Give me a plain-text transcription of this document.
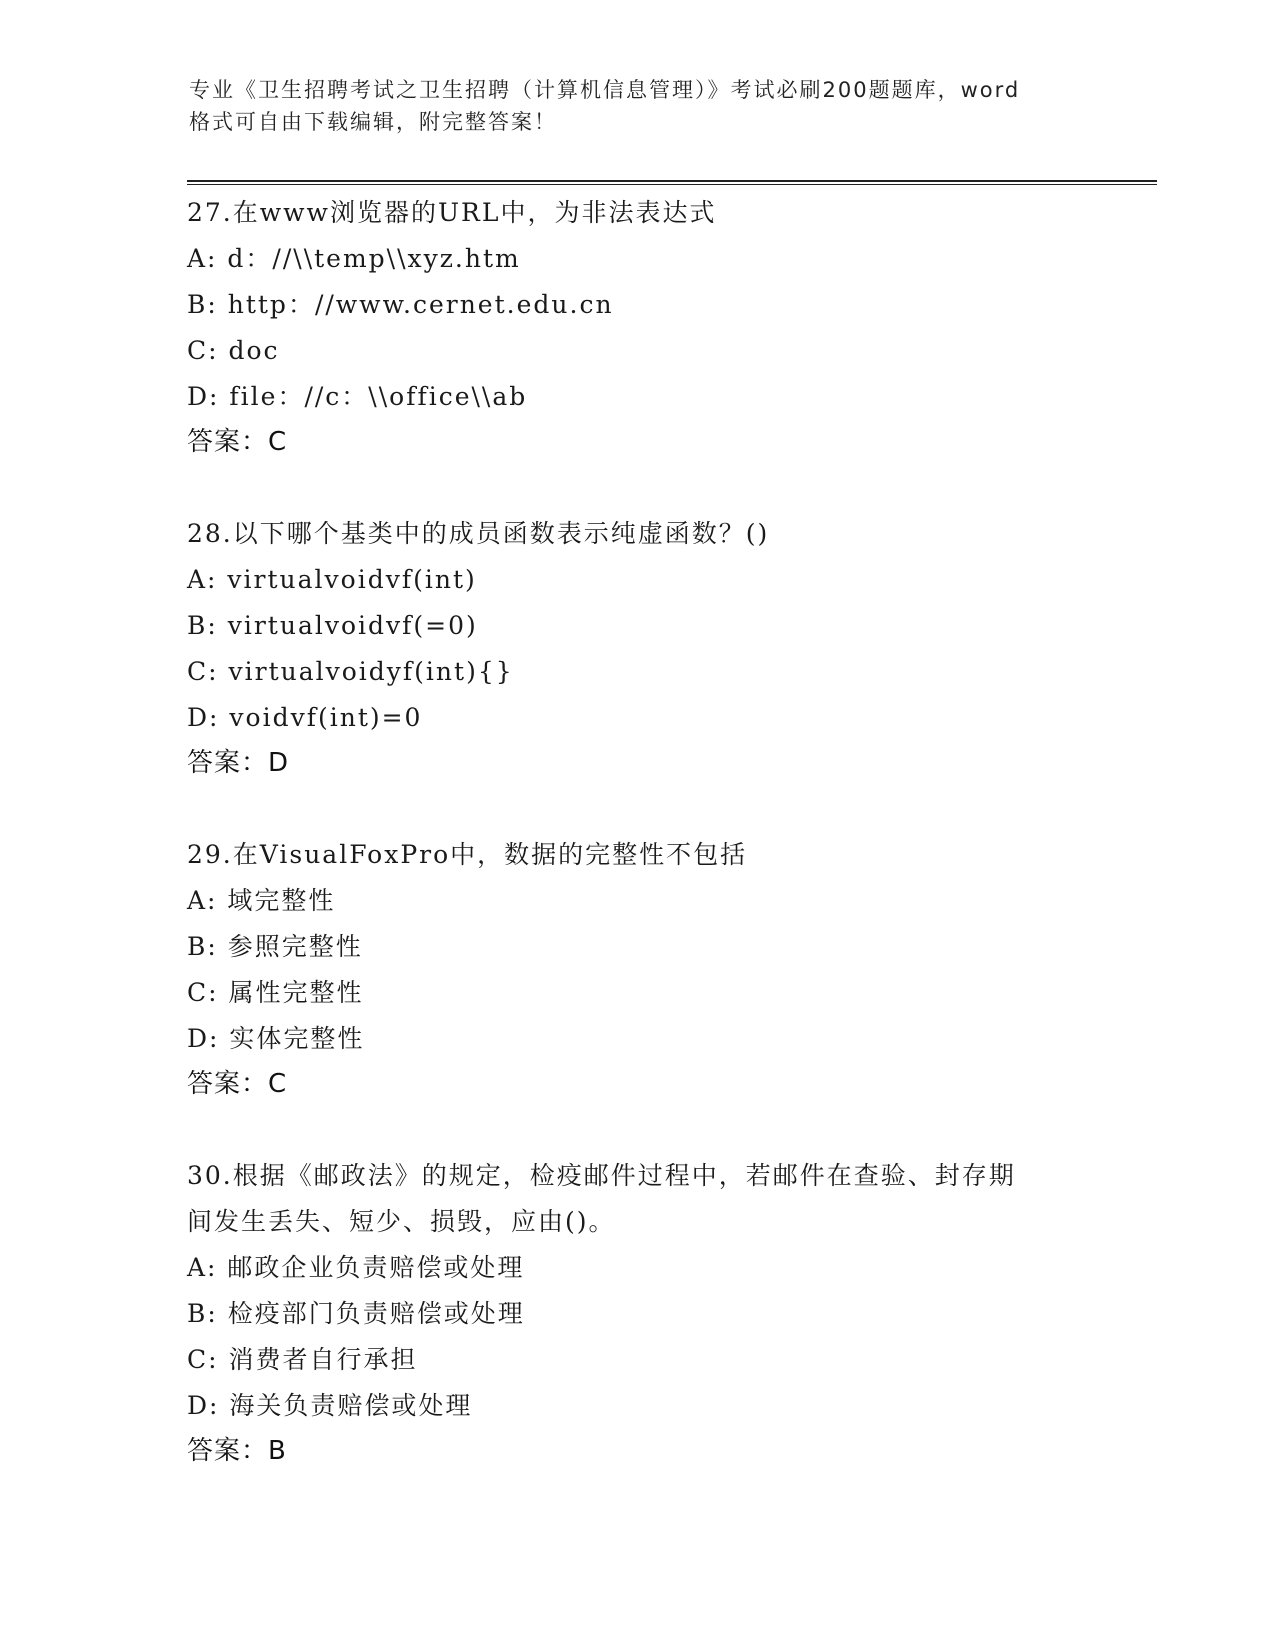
专业《卫生招聘考试之卫生招聘（计算机信息管理）》考试必刷200题题库，word
格式可自由下载编辑，附完整答案！
27.在www浏览器的URL中，为非法表达式
A: d：//\\temp\\xyz.htm
B: http：//www.cernet.edu.cn
C: doc
D: file：//c：\\office\\ab
答案：C
28.以下哪个基类中的成员函数表示纯虚函数？()
A: virtualvoidvf(int)
B: virtualvoidvf(=0)
C: virtualvoidyf(int){}
D: voidvf(int)=0
答案：D
29.在VisualFoxPro中，数据的完整性不包括
A: 域完整性
B: 参照完整性
C: 属性完整性
D: 实体完整性
答案：C
30.根据《邮政法》的规定，检疫邮件过程中，若邮件在查验、封存期
间发生丢失、短少、损毁，应由()。
A: 邮政企业负责赔偿或处理
B: 检疫部门负责赔偿或处理
C: 消费者自行承担
D: 海关负责赔偿或处理
答案：B
